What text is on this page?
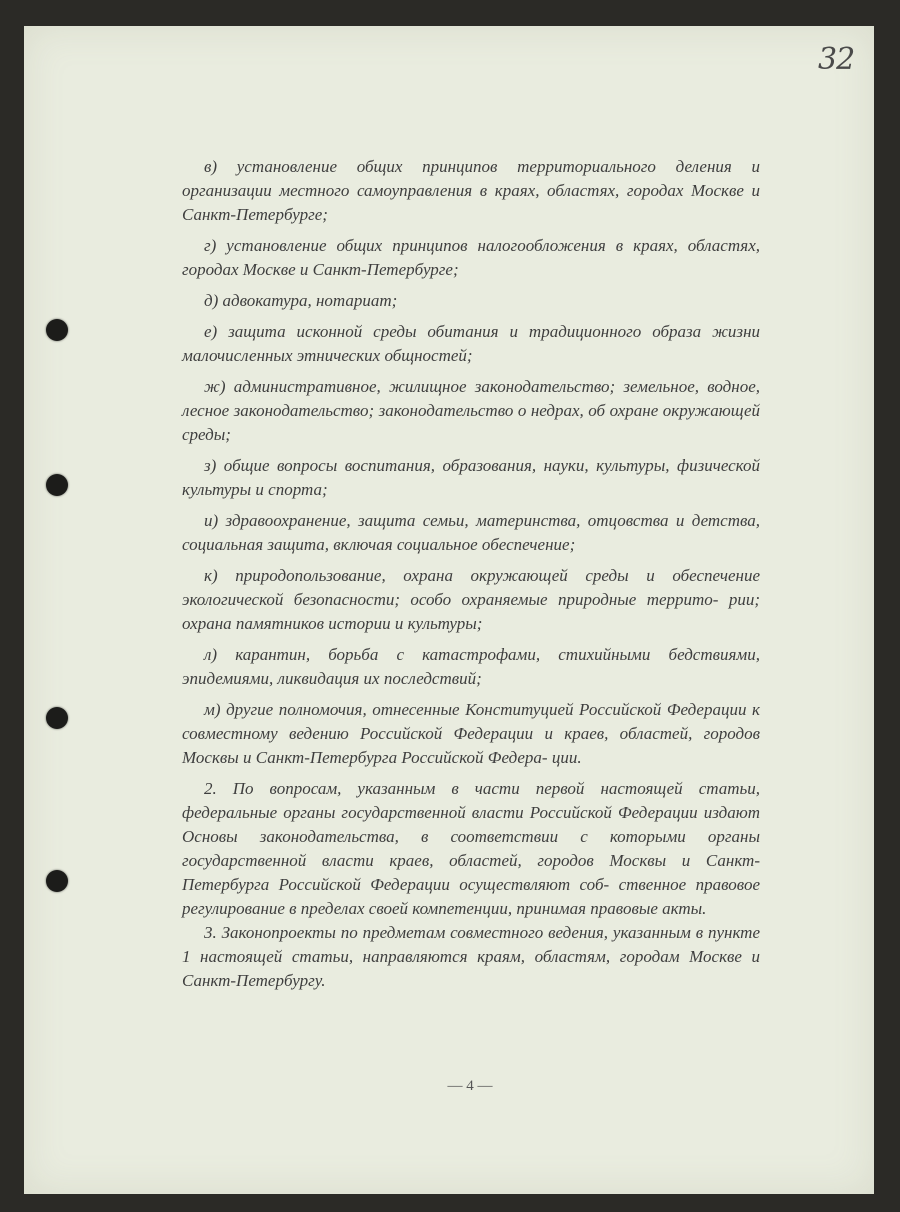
32

в) установление общих принципов территориального деления и организации местного самоуправления в краях, областях, городах Москве и Санкт-Петербурге;

г) установление общих принципов налогообложения в краях, областях, городах Москве и Санкт-Петербурге;

д) адвокатура, нотариат;

е) защита исконной среды обитания и традиционного образа жизни малочисленных этнических общностей;

ж) административное, жилищное законодательство; земельное, водное, лесное законодательство; законодательство о недрах, об охране окружающей среды;

з) общие вопросы воспитания, образования, науки, культуры, физической культуры и спорта;

и) здравоохранение, защита семьи, материнства, отцовства и детства, социальная защита, включая социальное обеспечение;

к) природопользование, охрана окружающей среды и обеспечение экологической безопасности; особо охраняемые природные террито- рии; охрана памятников истории и культуры;

л) карантин, борьба с катастрофами, стихийными бедствиями, эпидемиями, ликвидация их последствий;

м) другие полномочия, отнесенные Конституцией Российской Федерации к совместному ведению Российской Федерации и краев, областей, городов Москвы и Санкт-Петербурга Российской Федера- ции.

2. По вопросам, указанным в части первой настоящей статьи, федеральные органы государственной власти Российской Федерации издают Основы законодательства, в соответствии с которыми органы государственной власти краев, областей, городов Москвы и Санкт-Петербурга Российской Федерации осуществляют соб- ственное правовое регулирование в пределах своей компетенции, принимая правовые акты.

3. Законопроекты по предметам совместного ведения, указанным в пункте 1 настоящей статьи, направляются краям, областям, городам Москве и Санкт-Петербургу.

— 4 —
